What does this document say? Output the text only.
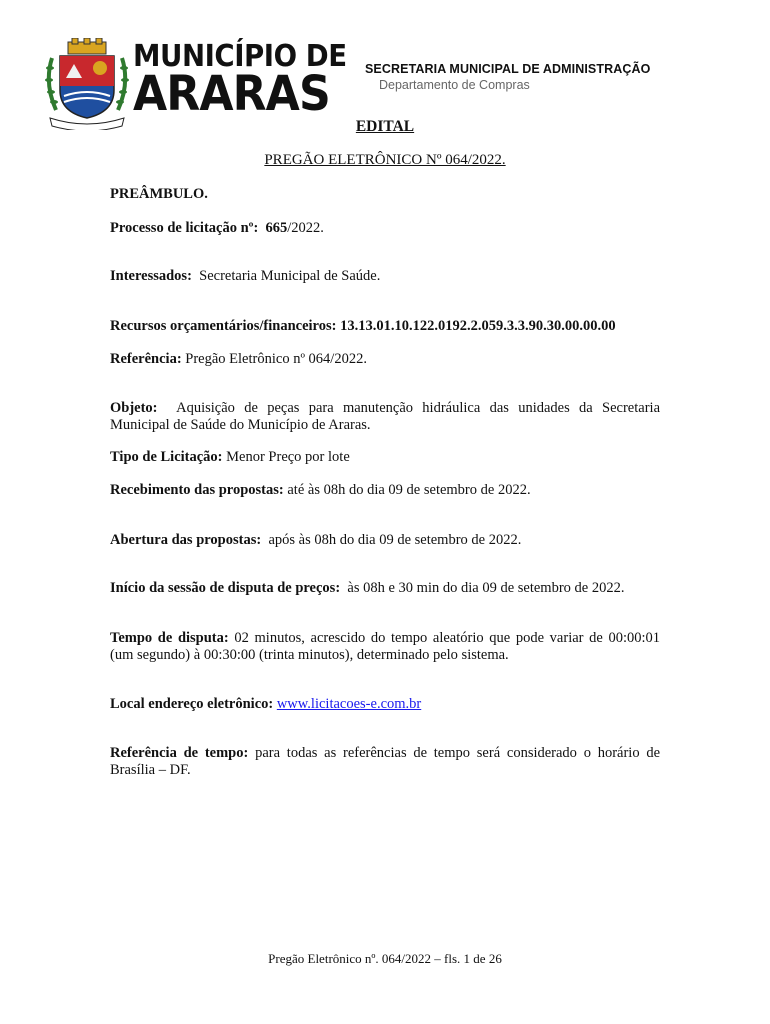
MUNICÍPIO DE
ARARAS	SECRETARIA MUNICIPAL DE ADMINISTRAÇÃO
Departamento de Compras
EDITAL
PREGÃO ELETRÔNICO Nº 064/2022.
PREÂMBULO.
Processo de licitação nº: 665/2022.
Interessados: Secretaria Municipal de Saúde.
Recursos orçamentários/financeiros: 13.13.01.10.122.0192.2.059.3.3.90.30.00.00.00
Referência: Pregão Eletrônico nº 064/2022.
Objeto: Aquisição de peças para manutenção hidráulica das unidades da Secretaria Municipal de Saúde do Município de Araras.
Tipo de Licitação: Menor Preço por lote
Recebimento das propostas: até às 08h do dia 09 de setembro de 2022.
Abertura das propostas: após às 08h do dia 09 de setembro de 2022.
Início da sessão de disputa de preços: às 08h e 30 min do dia 09 de setembro de 2022.
Tempo de disputa: 02 minutos, acrescido do tempo aleatório que pode variar de 00:00:01 (um segundo) à 00:30:00 (trinta minutos), determinado pelo sistema.
Local endereço eletrônico: www.licitacoes-e.com.br
Referência de tempo: para todas as referências de tempo será considerado o horário de Brasília – DF.
Pregão Eletrônico nº. 064/2022 – fls. 1 de 26
